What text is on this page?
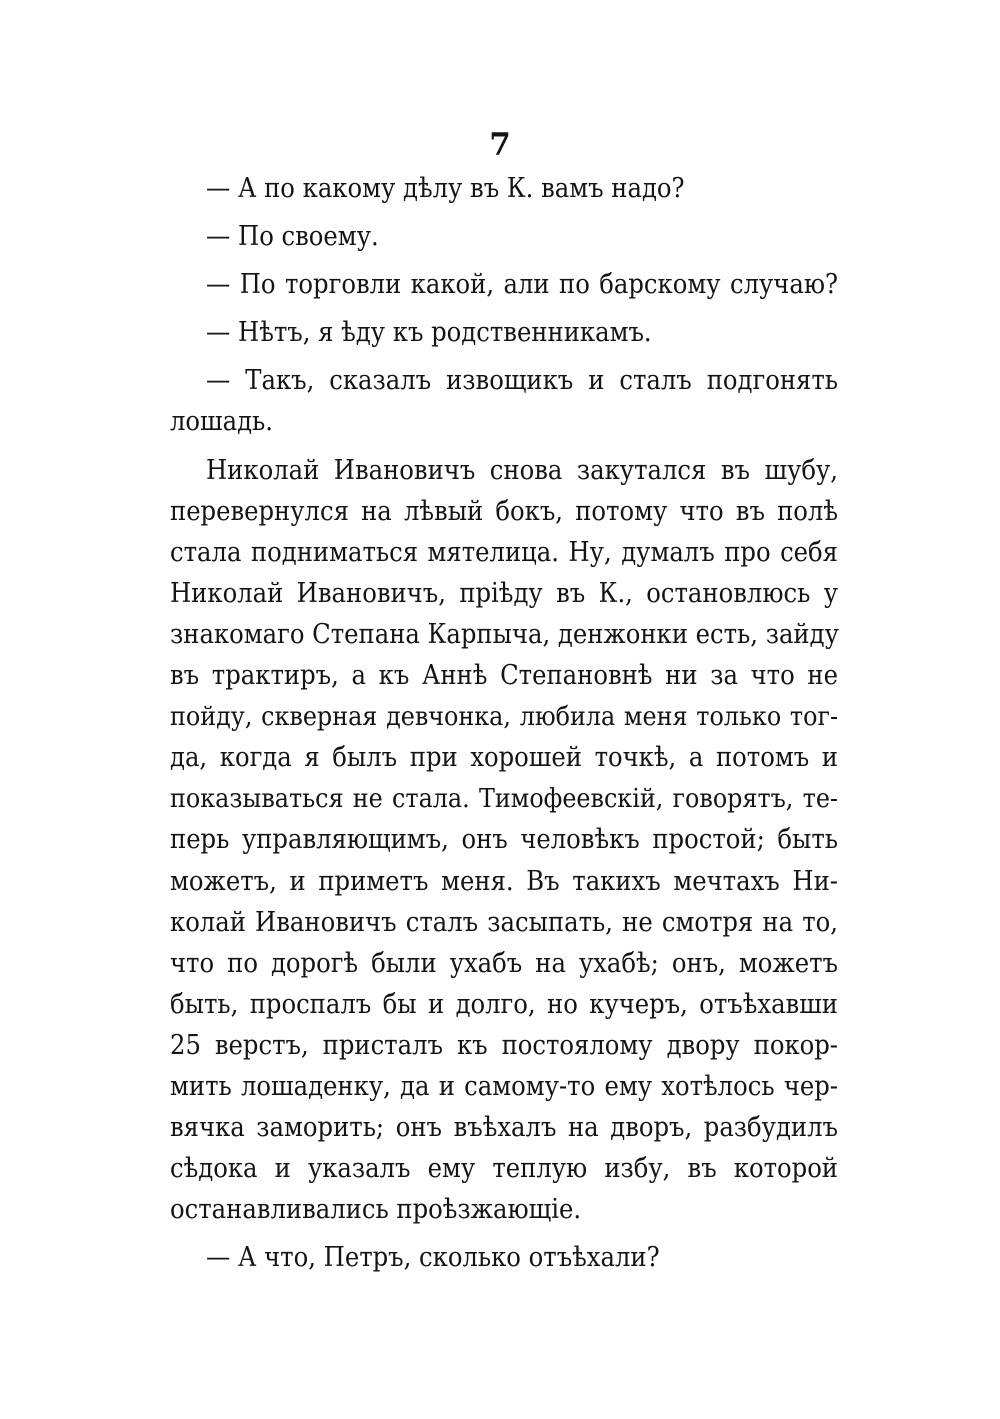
7
— А по какому дѣлу въ К. вамъ надо?
— По своему.
— По торговли какой, али по барскому случаю?
— Нѣтъ, я ѣду къ родственникамъ.
— Такъ, сказалъ извощикъ и сталъ подгонять
лошадь.
Николай Ивановичъ снова закутался въ шубу,
перевернулся на лѣвый бокъ, потому что въ полѣ
стала подниматься мятелица. Ну, думалъ про себя
Николай Ивановичъ, пріѣду въ К., остановлюсь у
знакомаго Степана Карпыча, денжонки есть, зайду
въ трактиръ, а къ Аннѣ Степановнѣ ни за что не
пойду, скверная девчонка, любила меня только тог-
да, когда я былъ при хорошей точкѣ, а потомъ и
показываться не стала. Тимофеевскій, говорятъ, те-
перь управляющимъ, онъ человѣкъ простой; быть
можетъ, и приметъ меня. Въ такихъ мечтахъ Ни-
колай Ивановичъ сталъ засыпать, не смотря на то,
что по дорогѣ были ухабъ на ухабѣ; онъ, можетъ
быть, проспалъ бы и долго, но кучеръ, отъѣхавши
25 верстъ, присталъ къ постоялому двору покор-
мить лошаденку, да и самому-то ему хотѣлось чер-
вячка заморить; онъ въѣхалъ на дворъ, разбудилъ
сѣдока и указалъ ему теплую избу, въ которой
останавливались проѣзжающіе.
— А что, Петръ, сколько отъѣхали?
